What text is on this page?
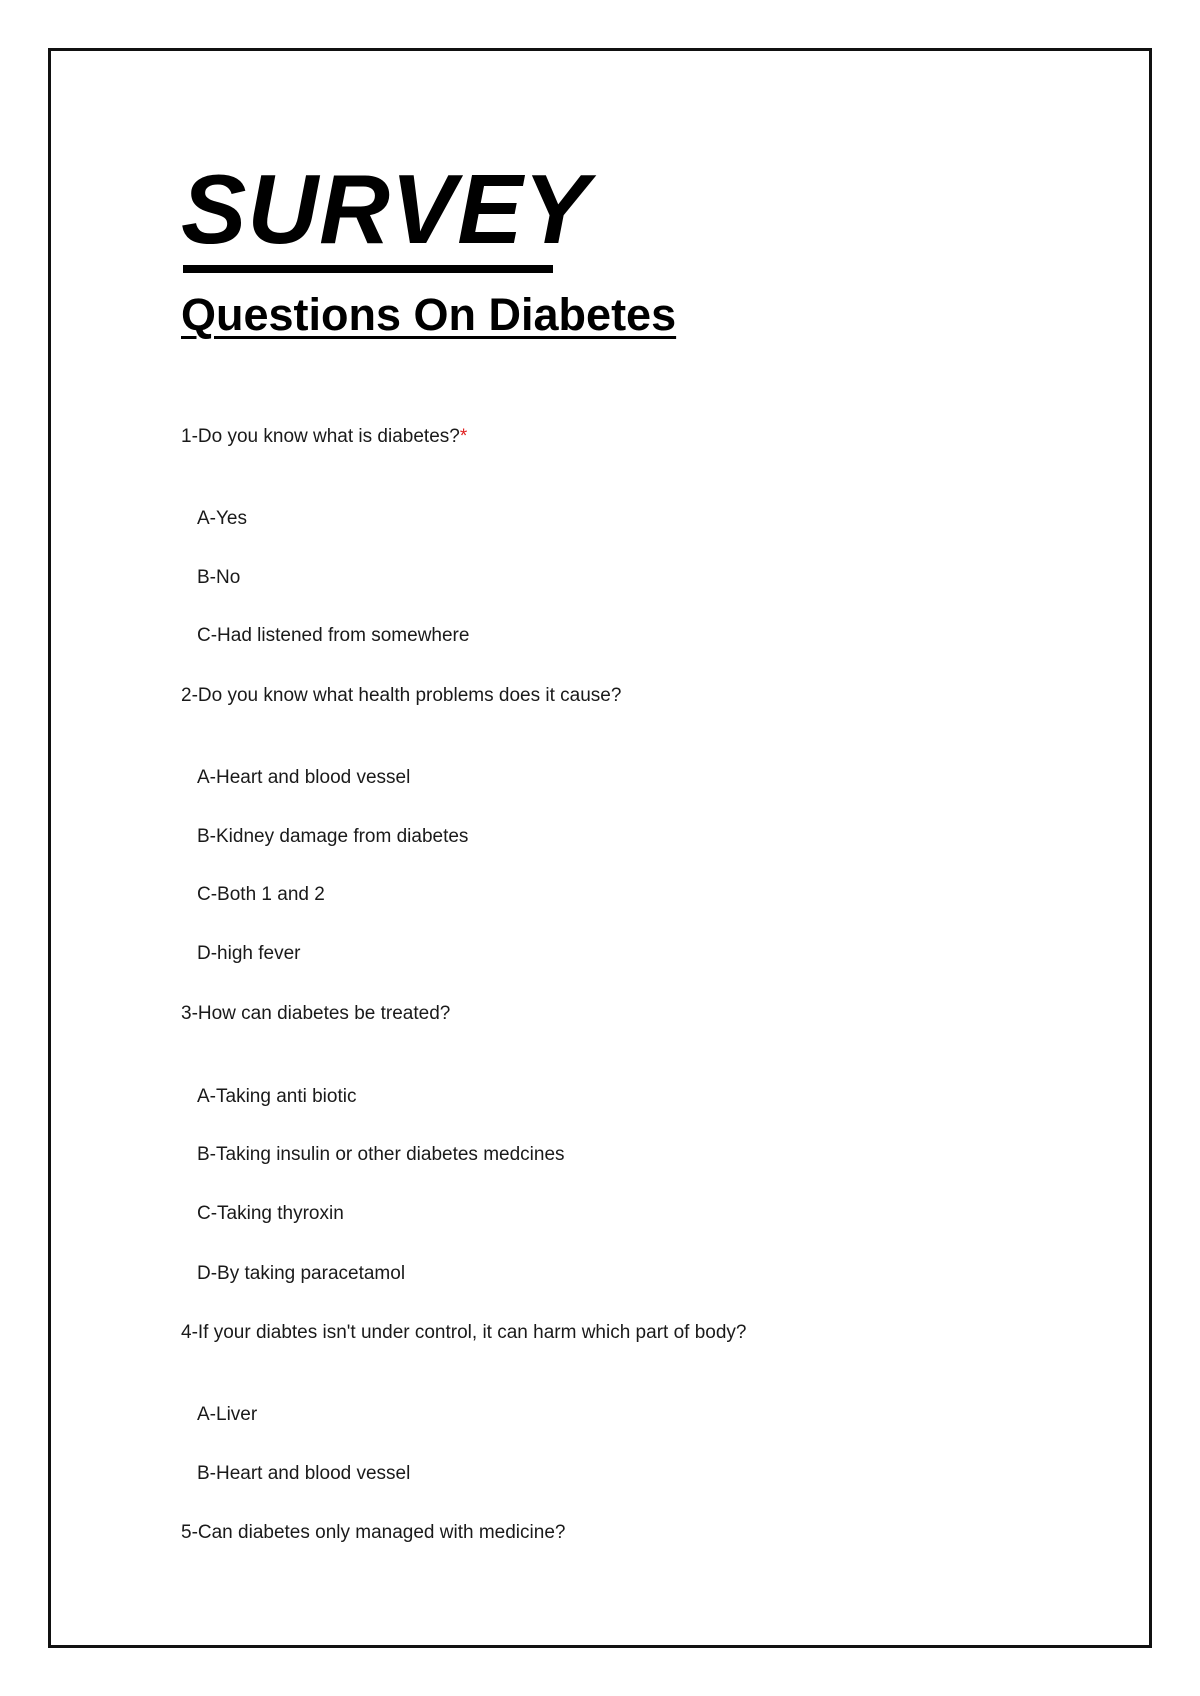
SURVEY
Questions On Diabetes
1-Do you know what is diabetes?*
A-Yes
B-No
C-Had listened from somewhere
2-Do you know what health problems does it cause?
A-Heart and blood vessel
B-Kidney damage from diabetes
C-Both 1 and 2
D-high fever
3-How can diabetes be treated?
A-Taking anti biotic
B-Taking insulin or other diabetes medcines
C-Taking thyroxin
D-By taking paracetamol
4-If your diabtes isn't under control, it can harm which part of body?
A-Liver
B-Heart and blood vessel
5-Can diabetes only managed with medicine?
